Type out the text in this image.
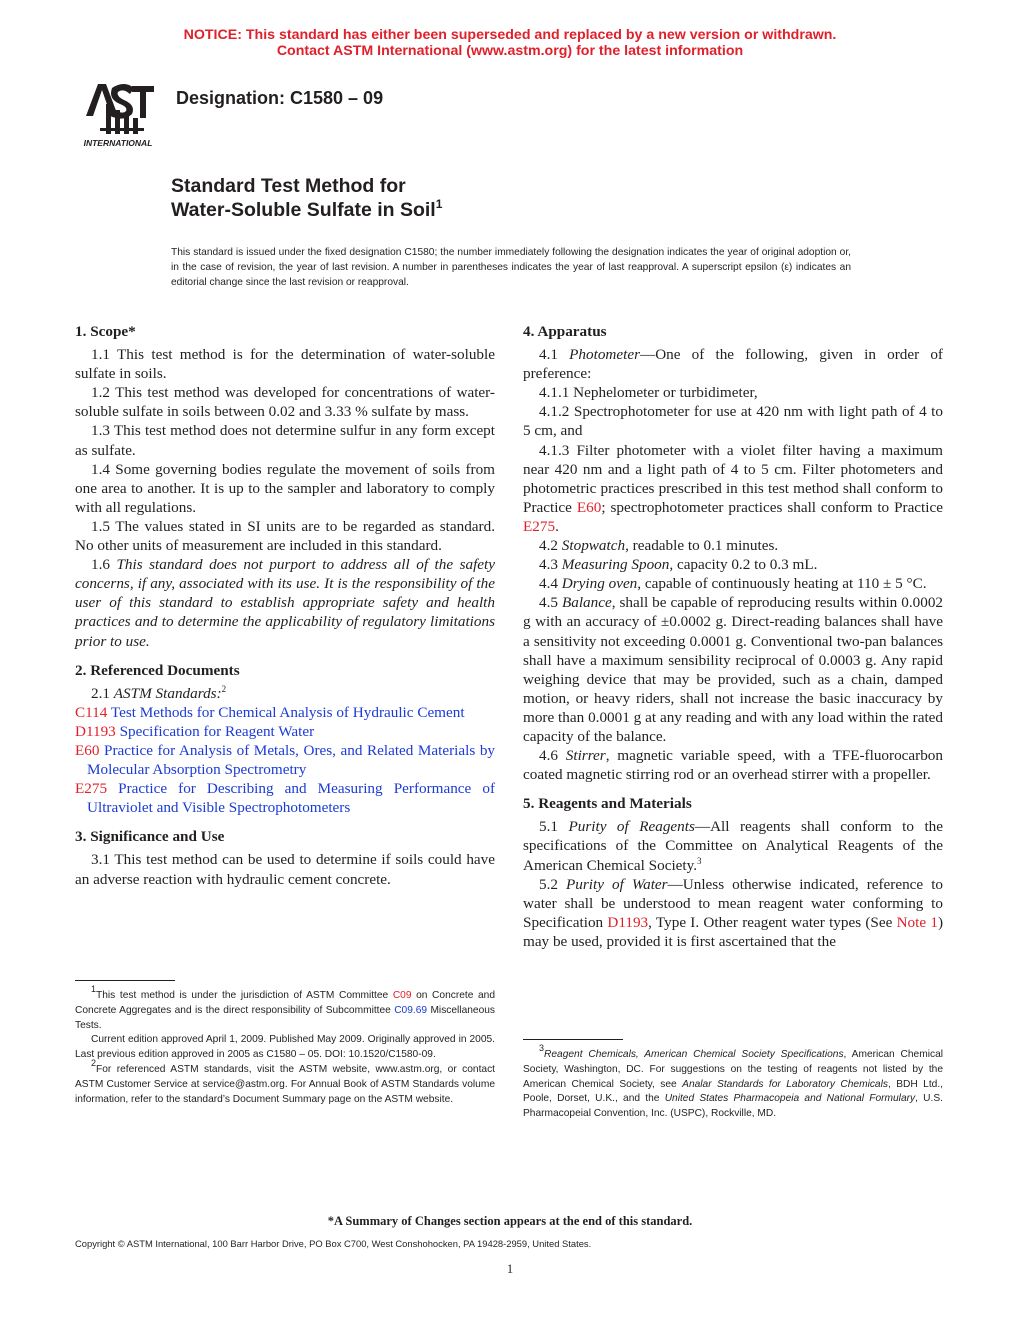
NOTICE: This standard has either been superseded and replaced by a new version or withdrawn.
Contact ASTM International (www.astm.org) for the latest information
INTERNATIONAL
Designation: C1580 – 09
Standard Test Method for
Water-Soluble Sulfate in Soil$^1$
This standard is issued under the fixed designation C1580; the number immediately following the designation indicates the year of original adoption or, in the case of revision, the year of last revision. A number in parentheses indicates the year of last reapproval. A superscript epsilon (ε) indicates an editorial change since the last revision or reapproval.
1. Scope*

1.1 This test method is for the determination of water-soluble sulfate in soils.

1.2 This test method was developed for concentrations of water-soluble sulfate in soils between 0.02 and 3.33 % sulfate by mass.

1.3 This test method does not determine sulfur in any form except as sulfate.

1.4 Some governing bodies regulate the movement of soils from one area to another. It is up to the sampler and laboratory to comply with all regulations.

1.5 The values stated in SI units are to be regarded as standard. No other units of measurement are included in this standard.

1.6 This standard does not purport to address all of the safety concerns, if any, associated with its use. It is the responsibility of the user of this standard to establish appropriate safety and health practices and to determine the applicability of regulatory limitations prior to use.

2. Referenced Documents

2.1 ASTM Standards:$^2$

C114 Test Methods for Chemical Analysis of Hydraulic Cement

D1193 Specification for Reagent Water

E60 Practice for Analysis of Metals, Ores, and Related Materials by Molecular Absorption Spectrometry

E275 Practice for Describing and Measuring Performance of Ultraviolet and Visible Spectrophotometers

3. Significance and Use

3.1 This test method can be used to determine if soils could have an adverse reaction with hydraulic cement concrete.

4. Apparatus

4.1 Photometer—One of the following, given in order of preference:

4.1.1 Nephelometer or turbidimeter,

4.1.2 Spectrophotometer for use at 420 nm with light path of 4 to 5 cm, and

4.1.3 Filter photometer with a violet filter having a maximum near 420 nm and a light path of 4 to 5 cm. Filter photometers and photometric practices prescribed in this test method shall conform to Practice E60; spectrophotometer practices shall conform to Practice E275.

4.2 Stopwatch, readable to 0.1 minutes.

4.3 Measuring Spoon, capacity 0.2 to 0.3 mL.

4.4 Drying oven, capable of continuously heating at 110 ± 5 °C.

4.5 Balance, shall be capable of reproducing results within 0.0002 g with an accuracy of ±0.0002 g. Direct-reading balances shall have a sensitivity not exceeding 0.0001 g. Conventional two-pan balances shall have a maximum sensibility reciprocal of 0.0003 g. Any rapid weighing device that may be provided, such as a chain, damped motion, or heavy riders, shall not increase the basic inaccuracy by more than 0.0001 g at any reading and with any load within the rated capacity of the balance.

4.6 Stirrer, magnetic variable speed, with a TFE-fluorocarbon coated magnetic stirring rod or an overhead stirrer with a propeller.

5. Reagents and Materials

5.1 Purity of Reagents—All reagents shall conform to the specifications of the Committee on Analytical Reagents of the American Chemical Society.$^3$

5.2 Purity of Water—Unless otherwise indicated, reference to water shall be understood to mean reagent water conforming to Specification D1193, Type I. Other reagent water types (See Note 1) may be used, provided it is first ascertained that the

$^1$This test method is under the jurisdiction of ASTM Committee C09 on Concrete and Concrete Aggregates and is the direct responsibility of Subcommittee C09.69 Miscellaneous Tests.

Current edition approved April 1, 2009. Published May 2009. Originally approved in 2005. Last previous edition approved in 2005 as C1580 – 05. DOI: 10.1520/C1580-09.

$^2$For referenced ASTM standards, visit the ASTM website, www.astm.org, or contact ASTM Customer Service at service@astm.org. For Annual Book of ASTM Standards volume information, refer to the standard’s Document Summary page on the ASTM website.

$^3$Reagent Chemicals, American Chemical Society Specifications, American Chemical Society, Washington, DC. For suggestions on the testing of reagents not listed by the American Chemical Society, see Analar Standards for Laboratory Chemicals, BDH Ltd., Poole, Dorset, U.K., and the United States Pharmacopeia and National Formulary, U.S. Pharmacopeial Convention, Inc. (USPC), Rockville, MD.

*A Summary of Changes section appears at the end of this standard.
Copyright © ASTM International, 100 Barr Harbor Drive, PO Box C700, West Conshohocken, PA 19428-2959, United States.
1
